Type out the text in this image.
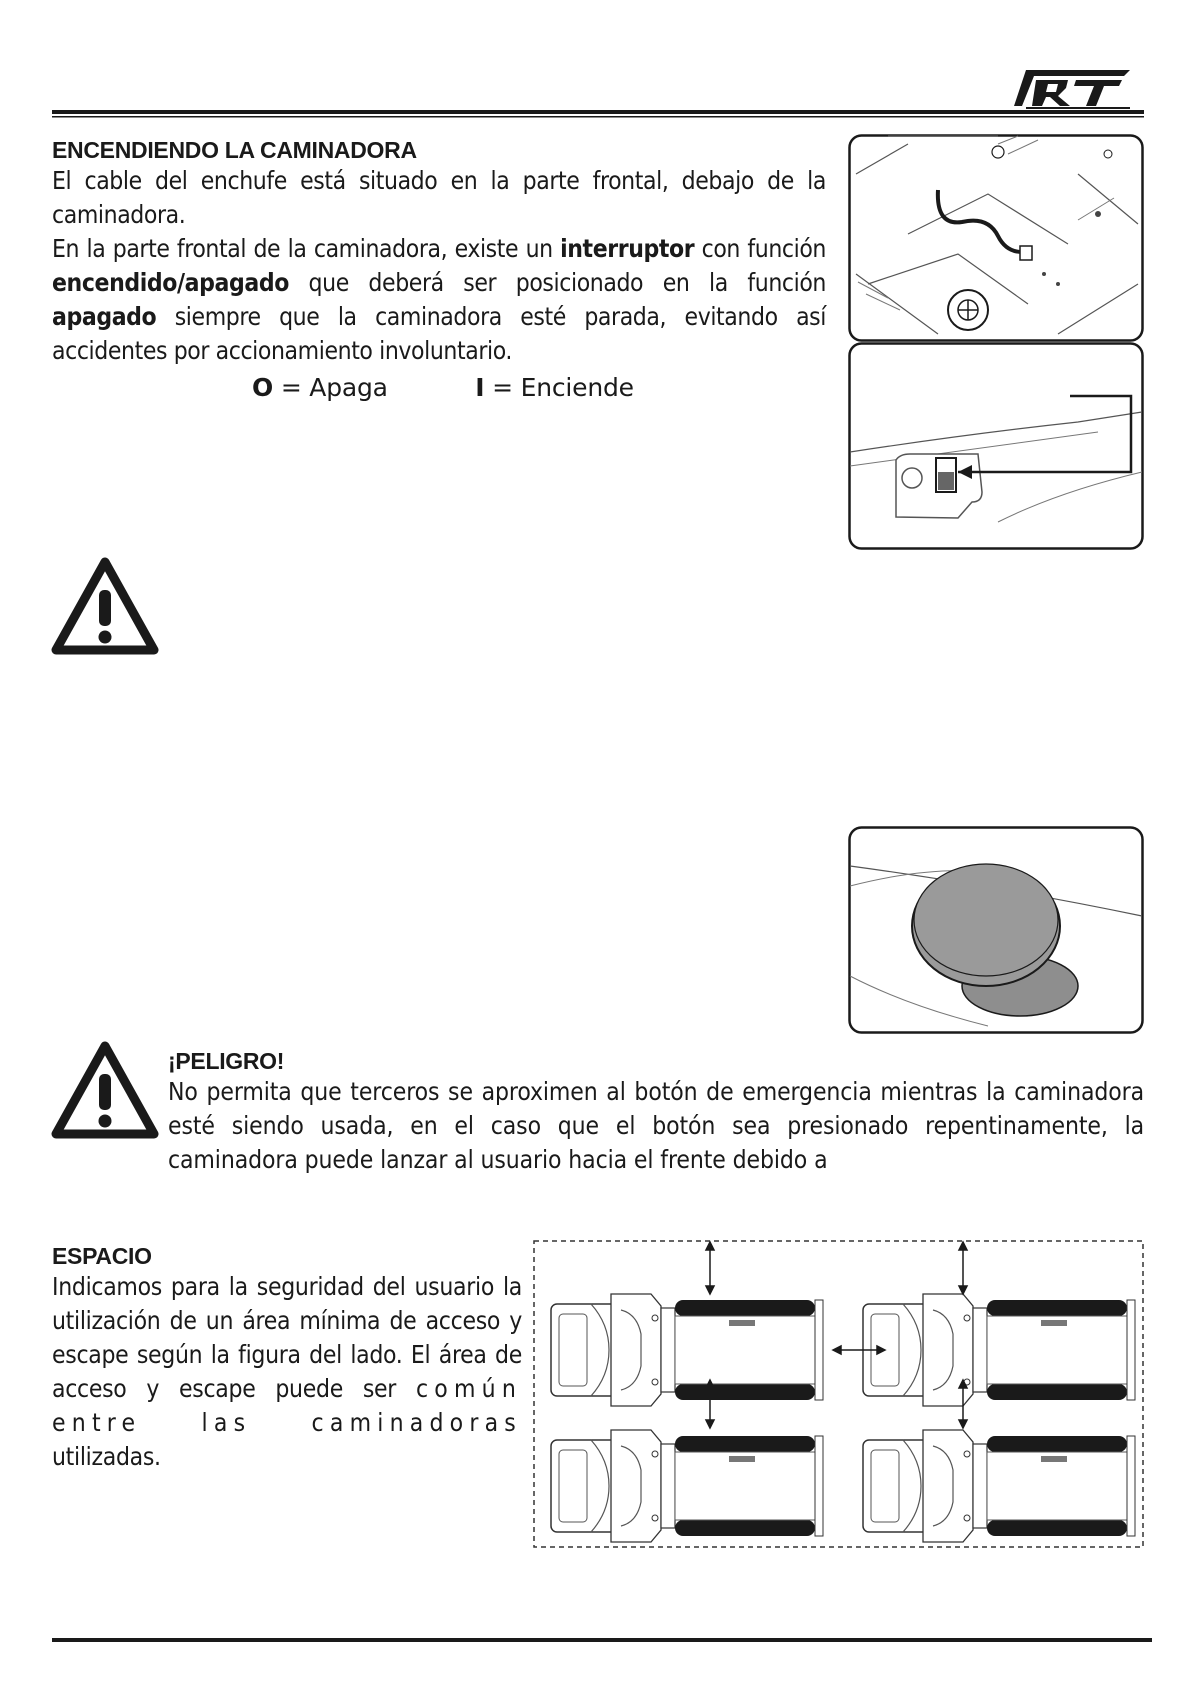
ENCENDIENDO LA CAMINADORA

El cable del enchufe está situado en la parte frontal, debajo de la caminadora.

En la parte frontal de la caminadora, existe un interruptor con función encendido/apagado que deberá ser posicionado en la función apagado siempre que la caminadora esté parada, evitando así accidentes por accionamiento involuntario.

O = Apaga	I = Enciende
¡PELIGRO!

No permita que terceros se aproximen al botón de emergencia mientras la caminadora esté siendo usada, en el caso que el botón sea presionado repentinamente, la caminadora puede lanzar al usuario hacia el frente debido a

ESPACIO

Indicamos para la seguridad del usuario la utilización de un área mínima de acceso y escape según la figura del lado. El área de acceso y escape puede ser común entre las caminadoras utilizadas.
